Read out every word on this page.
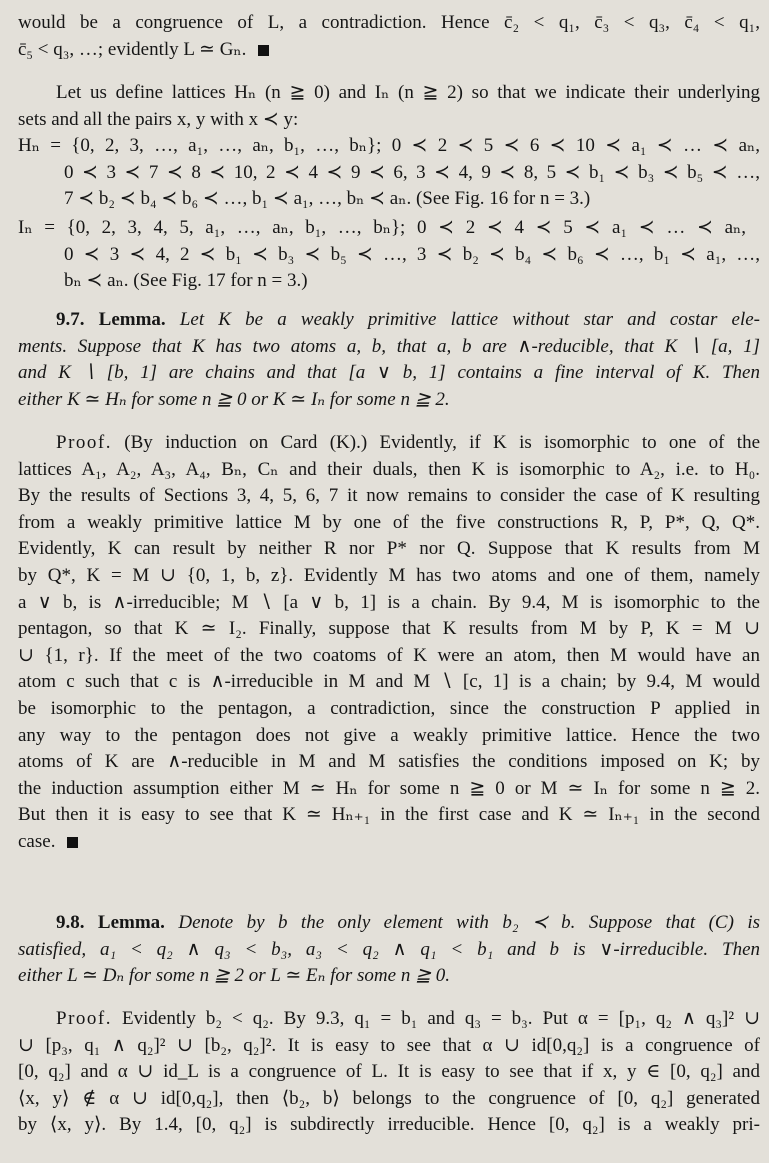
would be a congruence of L, a contradiction. Hence c̄₂ < q₁, c̄₃ < q₃, c̄₄ < q₁,
c̄₅ < q₃, …; evidently L ≃ Gₙ.
Let us define lattices Hₙ (n ≧ 0) and Iₙ (n ≧ 2) so that we indicate their underlying
sets and all the pairs x, y with x ≺ y:
Hₙ = {0, 2, 3, …, a₁, …, aₙ, b₁, …, bₙ}; 0 ≺ 2 ≺ 5 ≺ 6 ≺ 10 ≺ a₁ ≺ … ≺ aₙ,
0 ≺ 3 ≺ 7 ≺ 8 ≺ 10, 2 ≺ 4 ≺ 9 ≺ 6, 3 ≺ 4, 9 ≺ 8, 5 ≺ b₁ ≺ b₃ ≺ b₅ ≺ …,
7 ≺ b₂ ≺ b₄ ≺ b₆ ≺ …, b₁ ≺ a₁, …, bₙ ≺ aₙ. (See Fig. 16 for n = 3.)
Iₙ = {0, 2, 3, 4, 5, a₁, …, aₙ, b₁, …, bₙ}; 0 ≺ 2 ≺ 4 ≺ 5 ≺ a₁ ≺ … ≺ aₙ,
0 ≺ 3 ≺ 4, 2 ≺ b₁ ≺ b₃ ≺ b₅ ≺ …, 3 ≺ b₂ ≺ b₄ ≺ b₆ ≺ …, b₁ ≺ a₁, …,
bₙ ≺ aₙ. (See Fig. 17 for n = 3.)
9.7. Lemma. Let K be a weakly primitive lattice without star and costar ele-
ments. Suppose that K has two atoms a, b, that a, b are ∧-reducible, that K ∖ [a, 1]
and K ∖ [b, 1] are chains and that [a ∨ b, 1] contains a fine interval of K. Then
either K ≃ Hₙ for some n ≧ 0 or K ≃ Iₙ for some n ≧ 2.
Proof. (By induction on Card (K).) Evidently, if K is isomorphic to one of the
lattices A₁, A₂, A₃, A₄, Bₙ, Cₙ and their duals, then K is isomorphic to A₂, i.e. to H₀.
By the results of Sections 3, 4, 5, 6, 7 it now remains to consider the case of K resulting
from a weakly primitive lattice M by one of the five constructions R, P, P*, Q, Q*.
Evidently, K can result by neither R nor P* nor Q. Suppose that K results from M
by Q*, K = M ∪ {0, 1, b, z}. Evidently M has two atoms and one of them, namely
a ∨ b, is ∧-irreducible; M ∖ [a ∨ b, 1] is a chain. By 9.4, M is isomorphic to the
pentagon, so that K ≃ I₂. Finally, suppose that K results from M by P, K = M ∪
∪ {1, r}. If the meet of the two coatoms of K were an atom, then M would have an
atom c such that c is ∧-irreducible in M and M ∖ [c, 1] is a chain; by 9.4, M would
be isomorphic to the pentagon, a contradiction, since the construction P applied in
any way to the pentagon does not give a weakly primitive lattice. Hence the two
atoms of K are ∧-reducible in M and M satisfies the conditions imposed on K; by
the induction assumption either M ≃ Hₙ for some n ≧ 0 or M ≃ Iₙ for some n ≧ 2.
But then it is easy to see that K ≃ Hₙ₊₁ in the first case and K ≃ Iₙ₊₁ in the second
case.
9.8. Lemma. Denote by b the only element with b₂ ≺ b. Suppose that (C) is
satisfied, a₁ < q₂ ∧ q₃ < b₃, a₃ < q₂ ∧ q₁ < b₁ and b is ∨-irreducible. Then
either L ≃ Dₙ for some n ≧ 2 or L ≃ Eₙ for some n ≧ 0.
Proof. Evidently b₂ < q₂. By 9.3, q₁ = b₁ and q₃ = b₃. Put α = [p₁, q₂ ∧ q₃]² ∪
∪ [p₃, q₁ ∧ q₂]² ∪ [b₂, q₂]². It is easy to see that α ∪ id[0,q₂] is a congruence of
[0, q₂] and α ∪ id_L is a congruence of L. It is easy to see that if x, y ∈ [0, q₂] and
⟨x, y⟩ ∉ α ∪ id[0,q₂], then ⟨b₂, b⟩ belongs to the congruence of [0, q₂] generated
by ⟨x, y⟩. By 1.4, [0, q₂] is subdirectly irreducible. Hence [0, q₂] is a weakly pri-
